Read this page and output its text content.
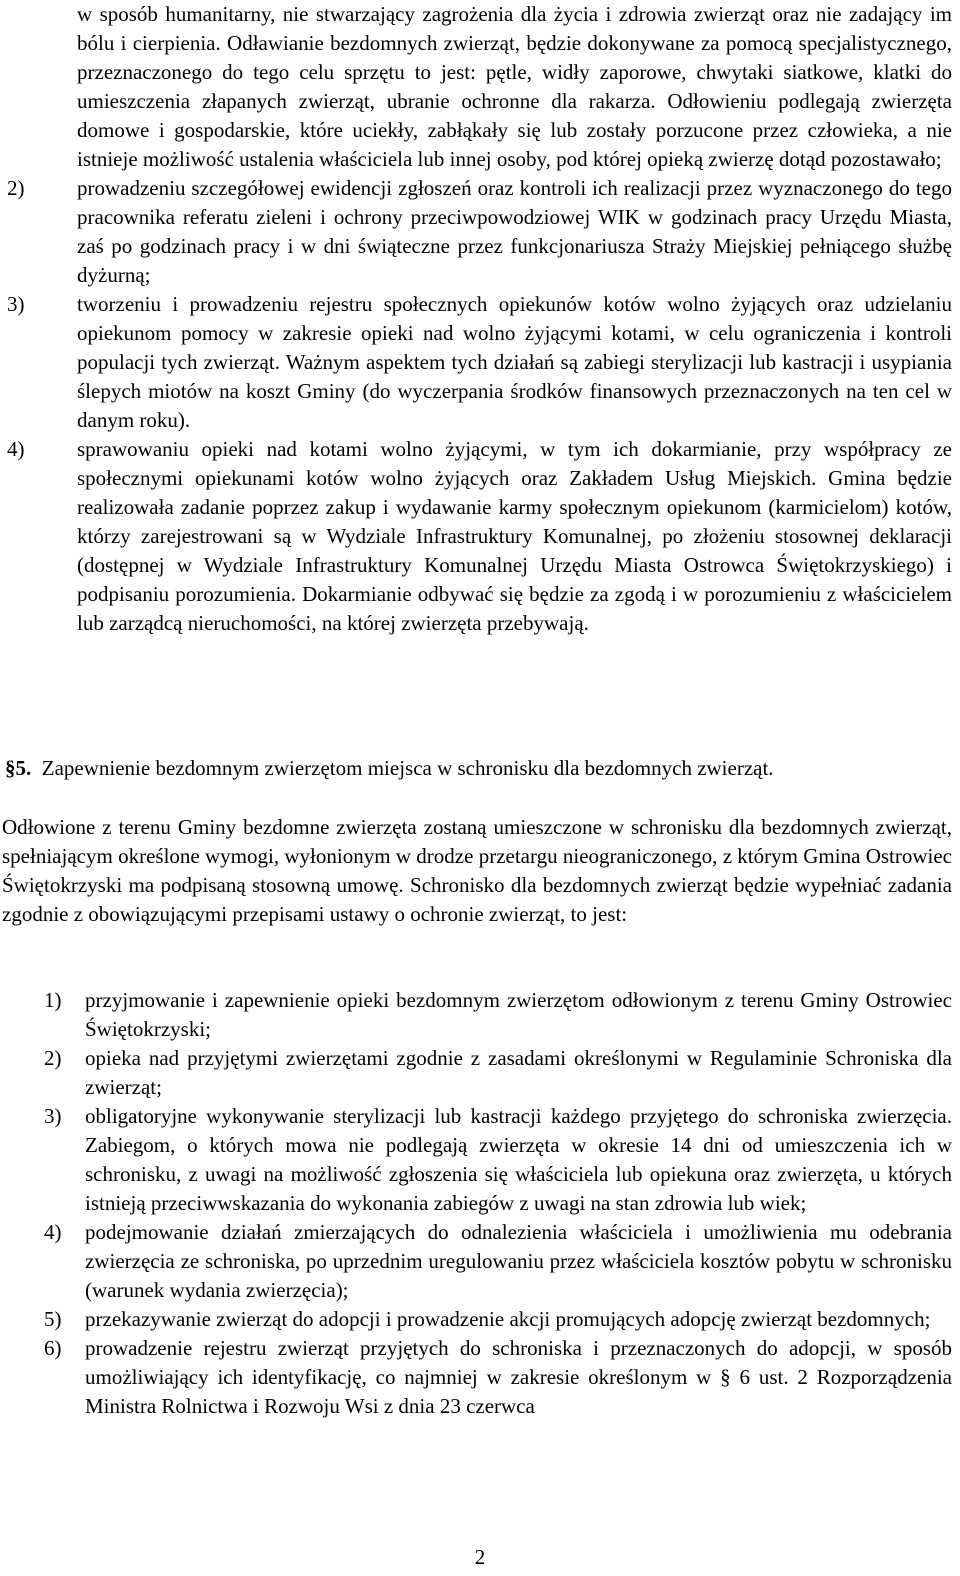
w sposób humanitarny, nie stwarzający zagrożenia dla życia i zdrowia zwierząt oraz nie zadający im bólu i cierpienia. Odławianie bezdomnych zwierząt, będzie dokonywane za pomocą specjalistycznego, przeznaczonego do tego celu sprzętu to jest: pętle, widły zaporowe, chwytaki siatkowe, klatki do umieszczenia złapanych zwierząt, ubranie ochronne dla rakarza. Odłowieniu podlegają zwierzęta domowe i gospodarskie, które uciekły, zabłąkały się lub zostały porzucone przez człowieka, a nie istnieje możliwość ustalenia właściciela lub innej osoby, pod której opieką zwierzę dotąd pozostawało;

2)	prowadzeniu szczegółowej ewidencji zgłoszeń oraz kontroli ich realizacji przez wyznaczonego do tego pracownika referatu zieleni i ochrony przeciwpowodziowej WIK w godzinach pracy Urzędu Miasta, zaś po godzinach pracy i w dni świąteczne przez funkcjonariusza Straży Miejskiej pełniącego służbę dyżurną;

3)	tworzeniu i prowadzeniu rejestru społecznych opiekunów kotów wolno żyjących oraz udzielaniu opiekunom pomocy w zakresie opieki nad wolno żyjącymi kotami, w celu ograniczenia i kontroli populacji tych zwierząt. Ważnym aspektem tych działań są zabiegi sterylizacji lub kastracji i usypiania ślepych miotów na koszt Gminy (do wyczerpania środków finansowych przeznaczonych na ten cel w danym roku).

4)	sprawowaniu opieki nad kotami wolno żyjącymi, w tym ich dokarmianie, przy współpracy ze społecznymi opiekunami kotów wolno żyjących oraz Zakładem Usług Miejskich. Gmina będzie realizowała zadanie poprzez zakup i wydawanie karmy społecznym opiekunom (karmicielom) kotów, którzy zarejestrowani są w Wydziale Infrastruktury Komunalnej, po złożeniu stosownej deklaracji (dostępnej w Wydziale Infrastruktury Komunalnej Urzędu Miasta Ostrowca Świętokrzyskiego) i podpisaniu porozumienia. Dokarmianie odbywać się będzie za zgodą i w porozumieniu z właścicielem lub zarządcą nieruchomości, na której zwierzęta przebywają.

§5. Zapewnienie bezdomnym zwierzętom miejsca w schronisku dla bezdomnych zwierząt.

Odłowione z terenu Gminy bezdomne zwierzęta zostaną umieszczone w schronisku dla bezdomnych zwierząt, spełniającym określone wymogi, wyłonionym w drodze przetargu nieograniczonego, z którym Gmina Ostrowiec Świętokrzyski ma podpisaną stosowną umowę. Schronisko dla bezdomnych zwierząt będzie wypełniać zadania zgodnie z obowiązującymi przepisami ustawy o ochronie zwierząt, to jest:

1) przyjmowanie i zapewnienie opieki bezdomnym zwierzętom odłowionym z terenu Gminy Ostrowiec Świętokrzyski;

2) opieka nad przyjętymi zwierzętami zgodnie z zasadami określonymi w Regulaminie Schroniska dla zwierząt;

3) obligatoryjne wykonywanie sterylizacji lub kastracji każdego przyjętego do schroniska zwierzęcia. Zabiegom, o których mowa nie podlegają zwierzęta w okresie 14 dni od umieszczenia ich w schronisku, z uwagi na możliwość zgłoszenia się właściciela lub opiekuna oraz zwierzęta, u których istnieją przeciwwskazania do wykonania zabiegów z uwagi na stan zdrowia lub wiek;

4) podejmowanie działań zmierzających do odnalezienia właściciela i umożliwienia mu odebrania zwierzęcia ze schroniska, po uprzednim uregulowaniu przez właściciela kosztów pobytu w schronisku (warunek wydania zwierzęcia);

5) przekazywanie zwierząt do adopcji i prowadzenie akcji promujących adopcję zwierząt bezdomnych;

6) prowadzenie rejestru zwierząt przyjętych do schroniska i przeznaczonych do adopcji, w sposób umożliwiający ich identyfikację, co najmniej w zakresie określonym w § 6 ust. 2 Rozporządzenia Ministra Rolnictwa i Rozwoju Wsi z dnia 23 czerwca

2
